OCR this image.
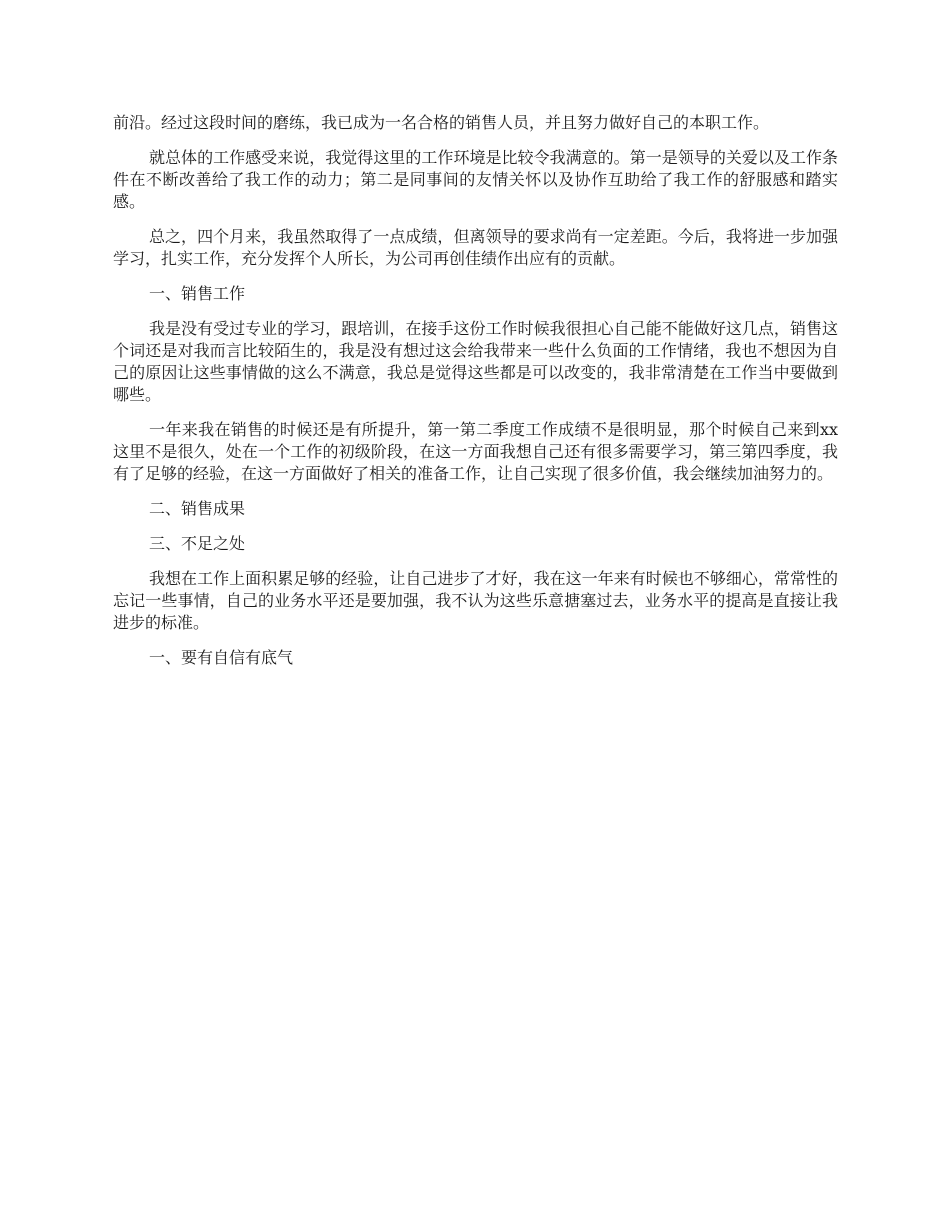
前沿。经过这段时间的磨练，我已成为一名合格的销售人员，并且努力做好自己的本职工作。

就总体的工作感受来说，我觉得这里的工作环境是比较令我满意的。第一是领导的关爱以及工作条件在不断改善给了我工作的动力；第二是同事间的友情关怀以及协作互助给了我工作的舒服感和踏实感。

总之，四个月来，我虽然取得了一点成绩，但离领导的要求尚有一定差距。今后，我将进一步加强学习，扎实工作，充分发挥个人所长，为公司再创佳绩作出应有的贡献。

一、销售工作

我是没有受过专业的学习，跟培训，在接手这份工作时候我很担心自己能不能做好这几点，销售这个词还是对我而言比较陌生的，我是没有想过这会给我带来一些什么负面的工作情绪，我也不想因为自己的原因让这些事情做的这么不满意，我总是觉得这些都是可以改变的，我非常清楚在工作当中要做到哪些。

一年来我在销售的时候还是有所提升，第一第二季度工作成绩不是很明显，那个时候自己来到xx这里不是很久，处在一个工作的初级阶段，在这一方面我想自己还有很多需要学习，第三第四季度，我有了足够的经验，在这一方面做好了相关的准备工作，让自己实现了很多价值，我会继续加油努力的。

二、销售成果

三、不足之处

我想在工作上面积累足够的经验，让自己进步了才好，我在这一年来有时候也不够细心，常常性的忘记一些事情，自己的业务水平还是要加强，我不认为这些乐意搪塞过去，业务水平的提高是直接让我进步的标准。

一、要有自信有底气
